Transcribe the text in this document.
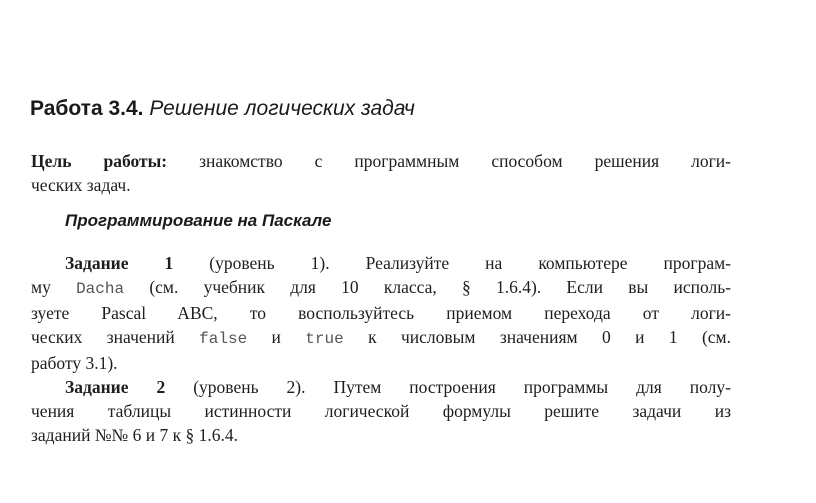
Работа 3.4. Решение логических задач
Цель работы: знакомство с программным способом решения логи-
ческих задач.
Программирование на Паскале
Задание 1 (уровень 1). Реализуйте на компьютере програм-
му Dacha (см. учебник для 10 класса, § 1.6.4). Если вы исполь-
зуете Pascal ABC, то воспользуйтесь приемом перехода от логи-
ческих значений false и true к числовым значениям 0 и 1 (см.
работу 3.1).
Задание 2 (уровень 2). Путем построения программы для полу-
чения таблицы истинности логической формулы решите задачи из
заданий №№ 6 и 7 к § 1.6.4.
